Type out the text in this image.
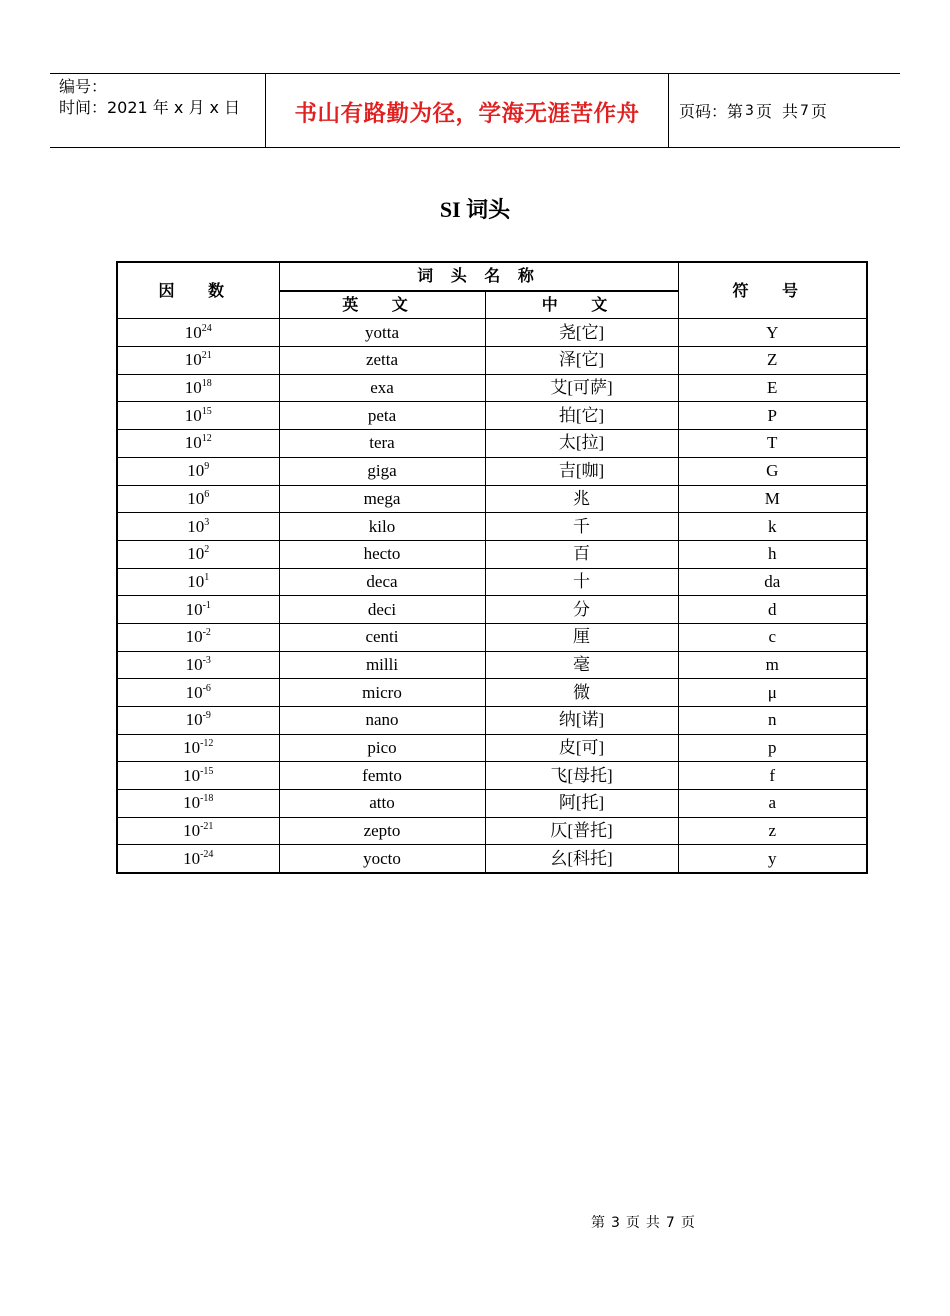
编号：
时间：2021 年 x 月 x 日	书山有路勤为径，学海无涯苦作舟 页码：第 3 页 共 7 页
SI 词头
因 数	词 头 名 称		符 号
	英 文	中 文	
$10^{24}$	yotta	尧[它]	Y
$10^{21}$	zetta	泽[它]	Z
$10^{18}$	exa	艾[可萨]	E
$10^{15}$	peta	拍[它]	P
$10^{12}$	tera	太[拉]	T
$10^9$	giga	吉[咖]	G
$10^6$	mega	兆	M
$10^3$	kilo	千	k
$10^2$	hecto	百	h
$10^1$	deca	十	da
$10^{-1}$	deci	分	d
$10^{-2}$	centi	厘	c
$10^{-3}$	milli	毫	m
$10^{-6}$	micro	微	μ
$10^{-9}$	nano	纳[诺]	n
$10^{-12}$	pico	皮[可]	p
$10^{-15}$	femto	飞[母托]	f
$10^{-18}$	atto	阿[托]	a
$10^{-21}$	zepto	仄[普托]	z
$10^{-24}$	yocto	幺[科托]	y
第 3 页 共 7 页
